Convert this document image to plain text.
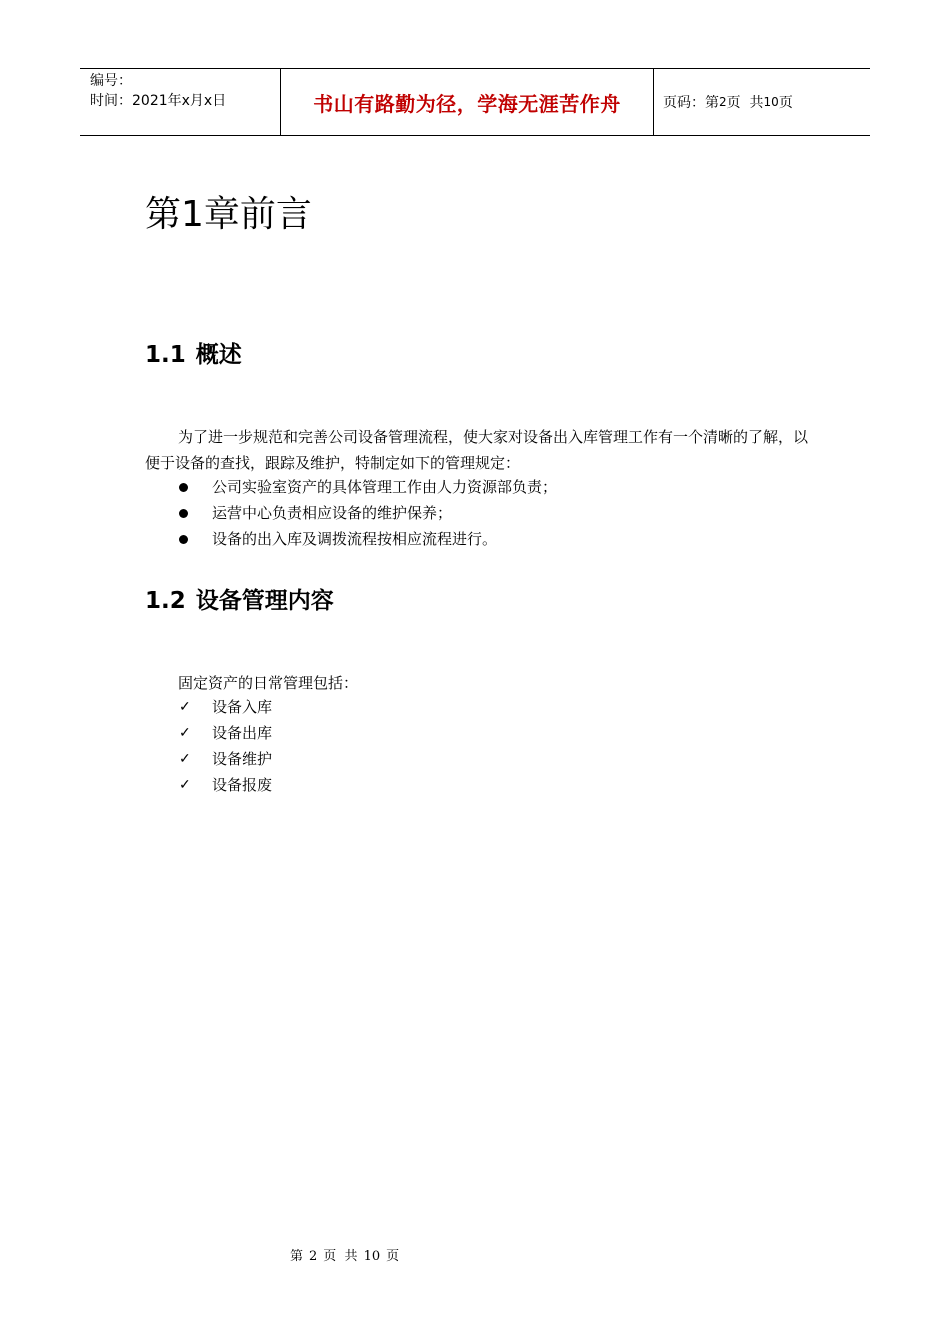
编号：
时间：2021年x月x日	书山有路勤为径，学海无涯苦作舟	页码：第 2 页  共 10 页
第1章前言
1.1 概述

为了进一步规范和完善公司设备管理流程，使大家对设备出入库管理工作有一个清晰的了解，以便于设备的查找，跟踪及维护，特制定如下的管理规定：

公司实验室资产的具体管理工作由人力资源部负责；
运营中心负责相应设备的维护保养；
设备的出入库及调拨流程按相应流程进行。
1.2 设备管理内容

固定资产的日常管理包括：

✓ 设备入库
✓ 设备出库
✓ 设备维护
✓ 设备报废
第 2 页  共 10 页
